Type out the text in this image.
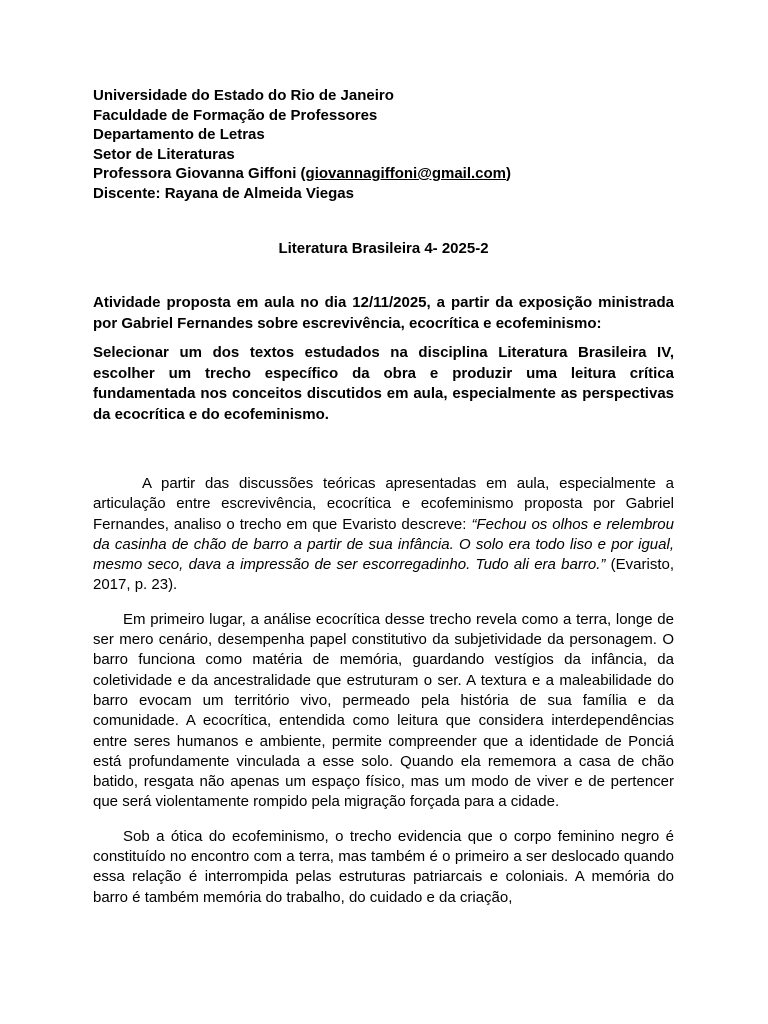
Universidade do Estado do Rio de Janeiro

Faculdade de Formação de Professores

Departamento de Letras

Setor de Literaturas

Professora Giovanna Giffoni (giovannagiffoni@gmail.com)

Discente: Rayana de Almeida Viegas

Literatura Brasileira 4- 2025-2

Atividade proposta em aula no dia 12/11/2025, a partir da exposição ministrada por Gabriel Fernandes sobre escrevivência, ecocrítica e ecofeminismo:

Selecionar um dos textos estudados na disciplina Literatura Brasileira IV, escolher um trecho específico da obra e produzir uma leitura crítica fundamentada nos conceitos discutidos em aula, especialmente as perspectivas da ecocrítica e do ecofeminismo.

A partir das discussões teóricas apresentadas em aula, especialmente a articulação entre escrevivência, ecocrítica e ecofeminismo proposta por Gabriel Fernandes, analiso o trecho em que Evaristo descreve: “Fechou os olhos e relembrou da casinha de chão de barro a partir de sua infância. O solo era todo liso e por igual, mesmo seco, dava a impressão de ser escorregadinho. Tudo ali era barro.” (Evaristo, 2017, p. 23).

Em primeiro lugar, a análise ecocrítica desse trecho revela como a terra, longe de ser mero cenário, desempenha papel constitutivo da subjetividade da personagem. O barro funciona como matéria de memória, guardando vestígios da infância, da coletividade e da ancestralidade que estruturam o ser. A textura e a maleabilidade do barro evocam um território vivo, permeado pela história de sua família e da comunidade. A ecocrítica, entendida como leitura que considera interdependências entre seres humanos e ambiente, permite compreender que a identidade de Ponciá está profundamente vinculada a esse solo. Quando ela rememora a casa de chão batido, resgata não apenas um espaço físico, mas um modo de viver e de pertencer que será violentamente rompido pela migração forçada para a cidade.

Sob a ótica do ecofeminismo, o trecho evidencia que o corpo feminino negro é constituído no encontro com a terra, mas também é o primeiro a ser deslocado quando essa relação é interrompida pelas estruturas patriarcais e coloniais. A memória do barro é também memória do trabalho, do cuidado e da criação,
